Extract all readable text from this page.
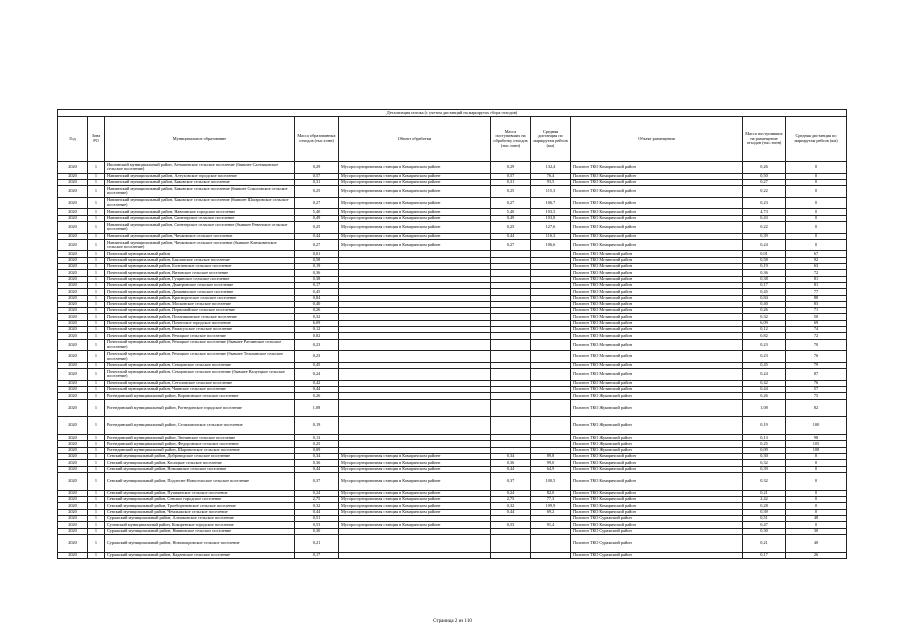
Детализация потока (с учетом дистанций на маршрутах сбора отходов)									
Год	Зона РО	Муниципальное образование	Масса образованных отходов (тыс.тонн)	Объект обработки	Масса поступивших на обработку отходов (тыс.тонн)	Средняя дистанция по маршрутам рейсов (км)	Объект размещения	Масса поступивших на размещение отходов (тыс.тонн)	Средняя дистанция по маршрутам рейсов (км)
2020	1	Ишлинский муниципальный район, Атнашевское сельское поселение (бывшее Салтыковское сельское поселение)	0,29	Мусоросортировочная станция в Комаричском районе	0,29	132,4	Полигон ТКО Комаричский район	0,26	0
2020	1	Навлинский муниципальный район, Алтуховское городское поселение	0,57	Мусоросортировочная станция в Комаричском районе	0,57	76,4	Полигон ТКО Комаричский район	0,50	0
2020	1	Навлинский муниципальный район, Бяковское сельское поселение	0,31	Мусоросортировочная станция в Комаричском районе	0,31	93,5	Полигон ТКО Комаричский район	0,27	0
2020	1	Навлинский муниципальный район, Бяковское сельское поселение (бывшее Соколовское сельское поселение)	0,25	Мусоросортировочная станция в Комаричском районе	0,25	115,3	Полигон ТКО Комаричский район	0,22	0
2020	1	Навлинский муниципальный район, Бяковское сельское поселение (бывшее Шагаровское сельское поселение)	0,27	Мусоросортировочная станция в Комаричском районе	0,27	106,7	Полигон ТКО Комаричский район	0,23	0
2020	1	Навлинский муниципальный район, Навлинское городское поселение	5,40	Мусоросортировочная станция в Комаричском районе	5,40	103,5	Полигон ТКО Комаричский район	4,73	0
2020	1	Навлинский муниципальный район, Синезерское сельское поселение	0,49	Мусоросортировочная станция в Комаричском районе	0,49	103,8	Полигон ТКО Комаричский район	0,43	0
2020	1	Навлинский муниципальный район, Синезерское сельское поселение (бывшее Ревенское сельское поселение)	0,25	Мусоросортировочная станция в Комаричском районе	0,25	127,6	Полигон ТКО Комаричский район	0,22	0
2020	1	Навлинский муниципальный район, Чичковское сельское поселение	0,44	Мусоросортировочная станция в Комаричском районе	0,44	116,3	Полигон ТКО Комаричский район	0,39	0
2020	1	Навлинский муниципальный район, Чичковское сельское поселение (бывшее Клюковенское сельское поселение)	0,27	Мусоросортировочная станция в Комаричском районе	0,27	106,6	Полигон ТКО Комаричский район	0,24	0
2020	1	Почепский муниципальный район	0,01				Полигон ТКО Мглинский район	0,01	67
2020	1	Почепский муниципальный район, Бакланское сельское поселение	0,58				Полигон ТКО Мглинский район	0,58	92
2020	1	Почепский муниципальный район, Болтаевское сельское поселение	0,19				Полигон ТКО Мглинский район	0,19	63
2020	1	Почепский муниципальный район, Витовское сельское поселение	0,36				Полигон ТКО Мглинский район	0,36	72
2020	1	Почепский муниципальный район, Гущинское сельское поселение	0,38				Полигон ТКО Мглинский район	0,38	81
2020	1	Почепский муниципальный район, Дмитровское сельское поселение	0,17				Полигон ТКО Мглинский район	0,17	81
2020	1	Почепский муниципальный район, Доманичское сельское поселение	0,45				Полигон ТКО Мглинский район	0,45	77
2020	1	Почепский муниципальный район, Краснорогское сельское поселение	0,84				Полигон ТКО Мглинский район	0,84	88
2020	1	Почепский муниципальный район, Московское сельское поселение	0,40				Полигон ТКО Мглинский район	0,40	83
2020	1	Почепский муниципальный район, Первомайское сельское поселение	0,26				Полигон ТКО Мглинский район	0,26	71
2020	1	Почепский муниципальный район, Польниковское сельское поселение	0,32				Полигон ТКО Мглинский район	0,32	50
2020	1	Почепский муниципальный район, Почепское городское поселение	6,09				Полигон ТКО Мглинский район	6,09	69
2020	1	Почепский муниципальный район, Рамасухское сельское поселение	0,12				Полигон ТКО Мглинский район	0,12	74
2020	1	Почепский муниципальный район, Речицкое сельское поселение	0,82				Полигон ТКО Мглинский район	0,82	72
2020	1	Почепский муниципальный район, Речицкое сельское поселение (бывшее Ратлинское сельское поселение)	0,23				Полигон ТКО Мглинский район	0,23	70
2020	1	Почепский муниципальный район, Речицкое сельское поселение (бывшее Тельчанское сельское поселение)	0,23				Полигон ТКО Мглинский район	0,23	76
2020	1	Почепский муниципальный район, Семцовское сельское поселение	0,45				Полигон ТКО Мглинский район	0,45	79
2020	1	Почепский муниципальный район, Семцовское сельское поселение (бывшее Валуецкое сельское поселение)	0,24				Полигон ТКО Мглинский район	0,24	87
2020	1	Почепский муниципальный район, Сетоловское сельское поселение	0,42				Полигон ТКО Мглинский район	0,42	76
2020	1	Почепский муниципальный район, Чаянское сельское поселение	0,44				Полигон ТКО Мглинский район	0,44	57
2020	1	Рогнединский муниципальный район, Вороновское сельское поселение	0,26				Полигон ТКО Жуковский район	0,26	75
2020	1	Рогнединский муниципальный район, Рогнединское городское поселение	1,08				Полигон ТКО Жуковский район	1,08	82
2020	1	Рогнединский муниципальный район, Селиловичское сельское поселение	0,19				Полигон ТКО Жуковский район	0,19	100
2020	1	Рогнединский муниципальный район, Тюнинское сельское поселение	0,13				Полигон ТКО Жуковский район	0,13	98
2020	1	Рогнединский муниципальный район, Федоровское сельское поселение	0,25				Полигон ТКО Жуковский район	0,25	105
2020	1	Рогнединский муниципальный район, Шаровичское сельское поселение	0,09				Полигон ТКО Жуковский район	0,09	108
2020	1	Севский муниципальный район, Доброводское сельское поселение	0,34	Мусоросортировочная станция в Комаричском районе	0,34	89,8	Полигон ТКО Комаричский район	0,30	0
2020	1	Севский муниципальный район, Косицкое сельское поселение	0,36	Мусоросортировочная станция в Комаричском районе	0,36	99,0	Полигон ТКО Комаричский район	0,32	0
2020	1	Севский муниципальный район, Новоямское сельское поселение	0,44	Мусоросортировочная станция в Комаричском районе	0,44	64,9	Полигон ТКО Комаричский район	0,39	0
2020	1	Севский муниципальный район, Подлесно-Новосельское сельское поселение	0,37	Мусоросортировочная станция в Комаричском районе	0,37	100,5	Полигон ТКО Комаричский район	0,32	0
2020	1	Севский муниципальный район, Пушкинское сельское поселение	0,24	Мусоросортировочная станция в Комаричском районе	0,24	82,0	Полигон ТКО Комаричский район	0,21	0
2020	1	Севский муниципальный район, Севское городское поселение	2,75	Мусоросортировочная станция в Комаричском районе	2,75	77,3	Полигон ТКО Комаричский район	2,42	0
2020	1	Севский муниципальный район, Троебортновское сельское поселение	0,32	Мусоросортировочная станция в Комаричском районе	0,32	109,9	Полигон ТКО Комаричский район	0,28	0
2020	1	Севский муниципальный район, Чемлыжское сельское поселение	0,44	Мусоросортировочная станция в Комаричском районе	0,44	69,2	Полигон ТКО Комаричский район	0,39	0
2020	1	Суражский муниципальный район, Алешковское сельское поселение	0,51				Полигон ТКО Суражский район	0,51	48
2020	1	Суземский муниципальный район, Кокоревское городское поселение	0,53	Мусоросортировочная станция в Комаричском районе	0,53	91,4	Полигон ТКО Комаричский район	0,47	0
2020	1	Суражский муниципальный район, Нивновское сельское поселение	0,30				Полигон ТКО Суражский район	0,30	30
2020	1	Суражский муниципальный район, Новопокровское сельское поселение	0,21				Полигон ТКО Суражский район	0,21	40
2020	1	Суражский муниципальный район, Кадеевское сельское поселение	0,17				Полигон ТКО Суражский район	0,17	26
Страница 2 из 110
